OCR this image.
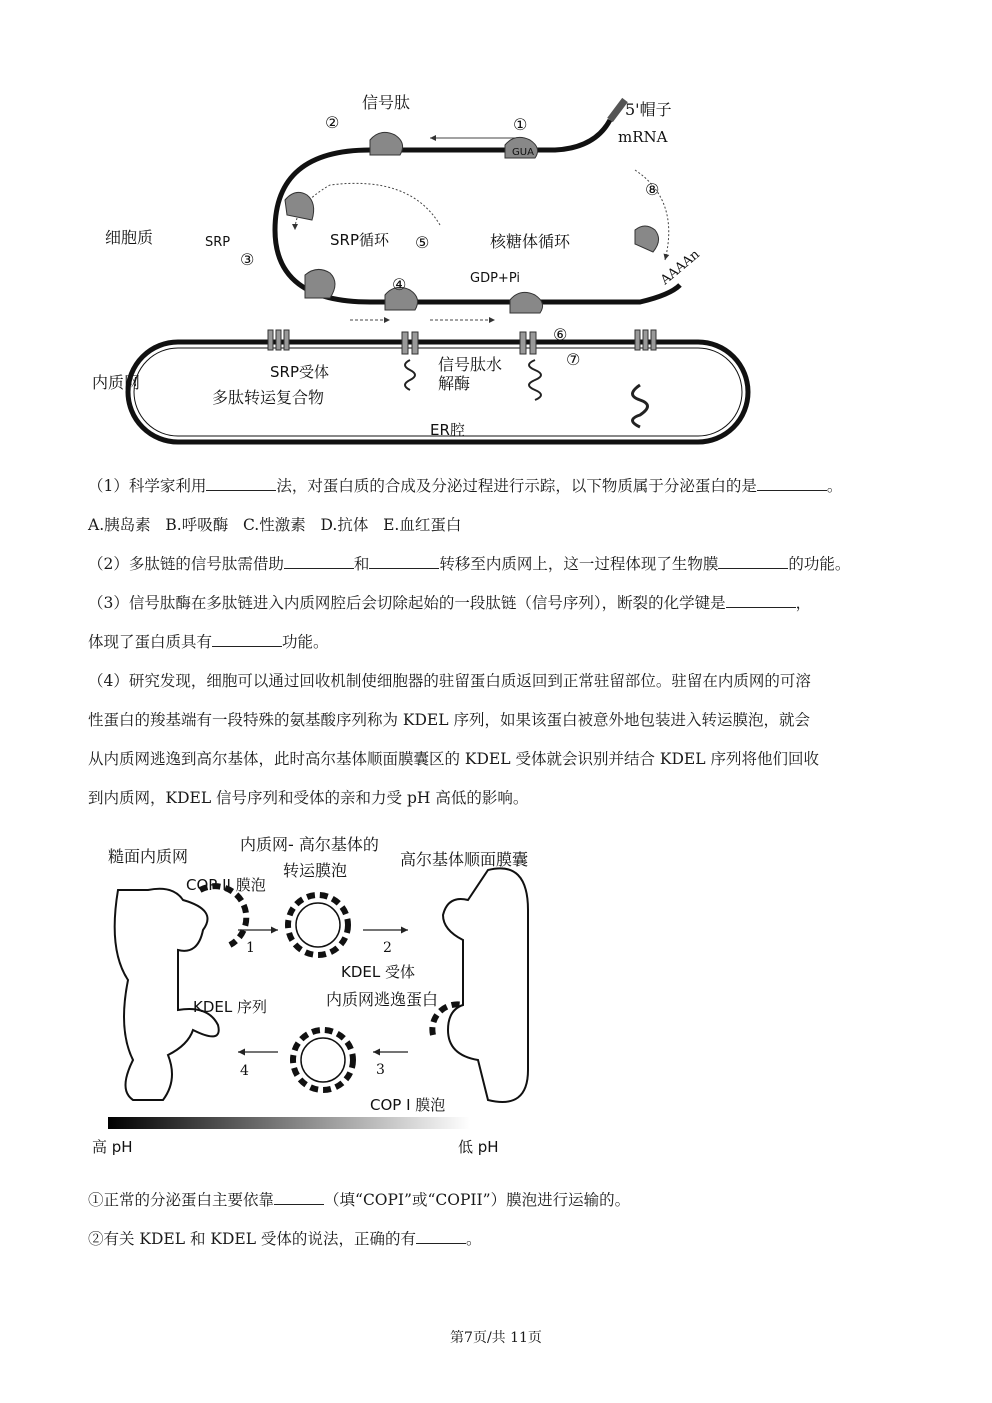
信号肽
②	①
GUA
5'帽子
mRNA
⑧
细胞质	SRP
③
SRP循环 ⑤	核糖体循环
GDP+Pi	AAAAn
④
⑥
⑦
内质网
SRP受体
多肽转运复合物
信号肽水
解酶
ER腔
（1）科学家利用	法，对蛋白质的合成及分泌过程进行示踪，以下物质属于分泌蛋白的是	。
A.胰岛素   B.呼吸酶   C.性激素   D.抗体   E.血红蛋白
（2）多肽链的信号肽需借助	和	转移至内质网上，这一过程体现了生物膜	的功能。
（3）信号肽酶在多肽链进入内质网腔后会切除起始的一段肽链（信号序列），断裂的化学键是	，
体现了蛋白质具有	功能。
（4）研究发现，细胞可以通过回收机制使细胞器的驻留蛋白质返回到正常驻留部位。驻留在内质网的可溶
性蛋白的羧基端有一段特殊的氨基酸序列称为 KDEL 序列，如果该蛋白被意外地包装进入转运膜泡，就会
从内质网逃逸到高尔基体，此时高尔基体顺面膜囊区的 KDEL 受体就会识别并结合 KDEL 序列将他们回收
到内质网，KDEL 信号序列和受体的亲和力受 pH 高低的影响。
糙面内质网
内质网- 高尔基体的
转运膜泡
高尔基体顺面膜囊
COP II 膜泡
1	2
KDEL 受体
KDEL 序列	内质网逃逸蛋白
3
4
COP I 膜泡
高 pH	低 pH
①正常的分泌蛋白主要依靠	（填“COPI”或“COPII”）膜泡进行运输的。
②有关 KDEL 和 KDEL 受体的说法，正确的有	。
第7页/共 11页
